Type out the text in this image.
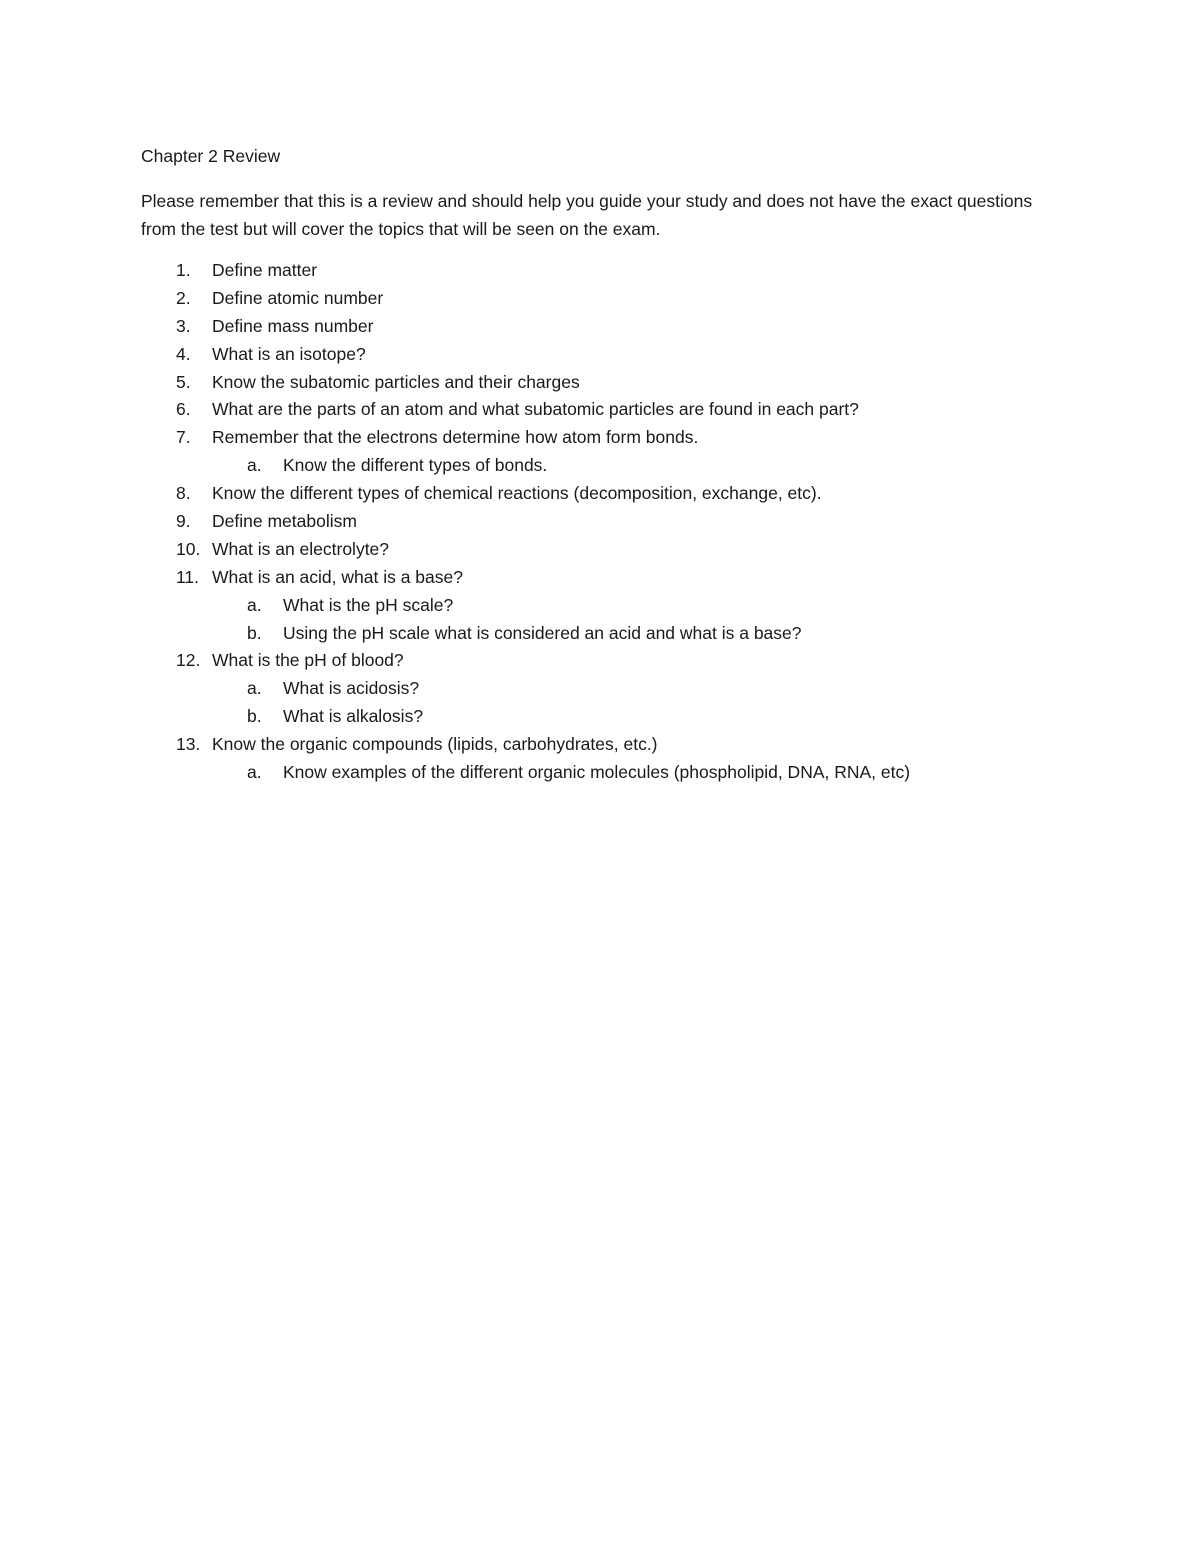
Chapter 2 Review

Please remember that this is a review and should help you guide your study and does not have the exact questions from the test but will cover the topics that will be seen on the exam.

1.	Define matter
2.	Define atomic number
3.	Define mass number
4.	What is an isotope?
5.	Know the subatomic particles and their charges
6.	What are the parts of an atom and what subatomic particles are found in each part?
7.	Remember that the electrons determine how atom form bonds.
a.	Know the different types of bonds.
8.	Know the different types of chemical reactions (decomposition, exchange, etc).
9.	Define metabolism
10. What is an electrolyte?
11. What is an acid, what is a base?
a.	What is the pH scale?
b.	Using the pH scale what is considered an acid and what is a base?
12. What is the pH of blood?
a.	What is acidosis?
b.	What is alkalosis?
13. Know the organic compounds (lipids, carbohydrates, etc.)
a.	Know examples of the different organic molecules (phospholipid, DNA, RNA, etc)
